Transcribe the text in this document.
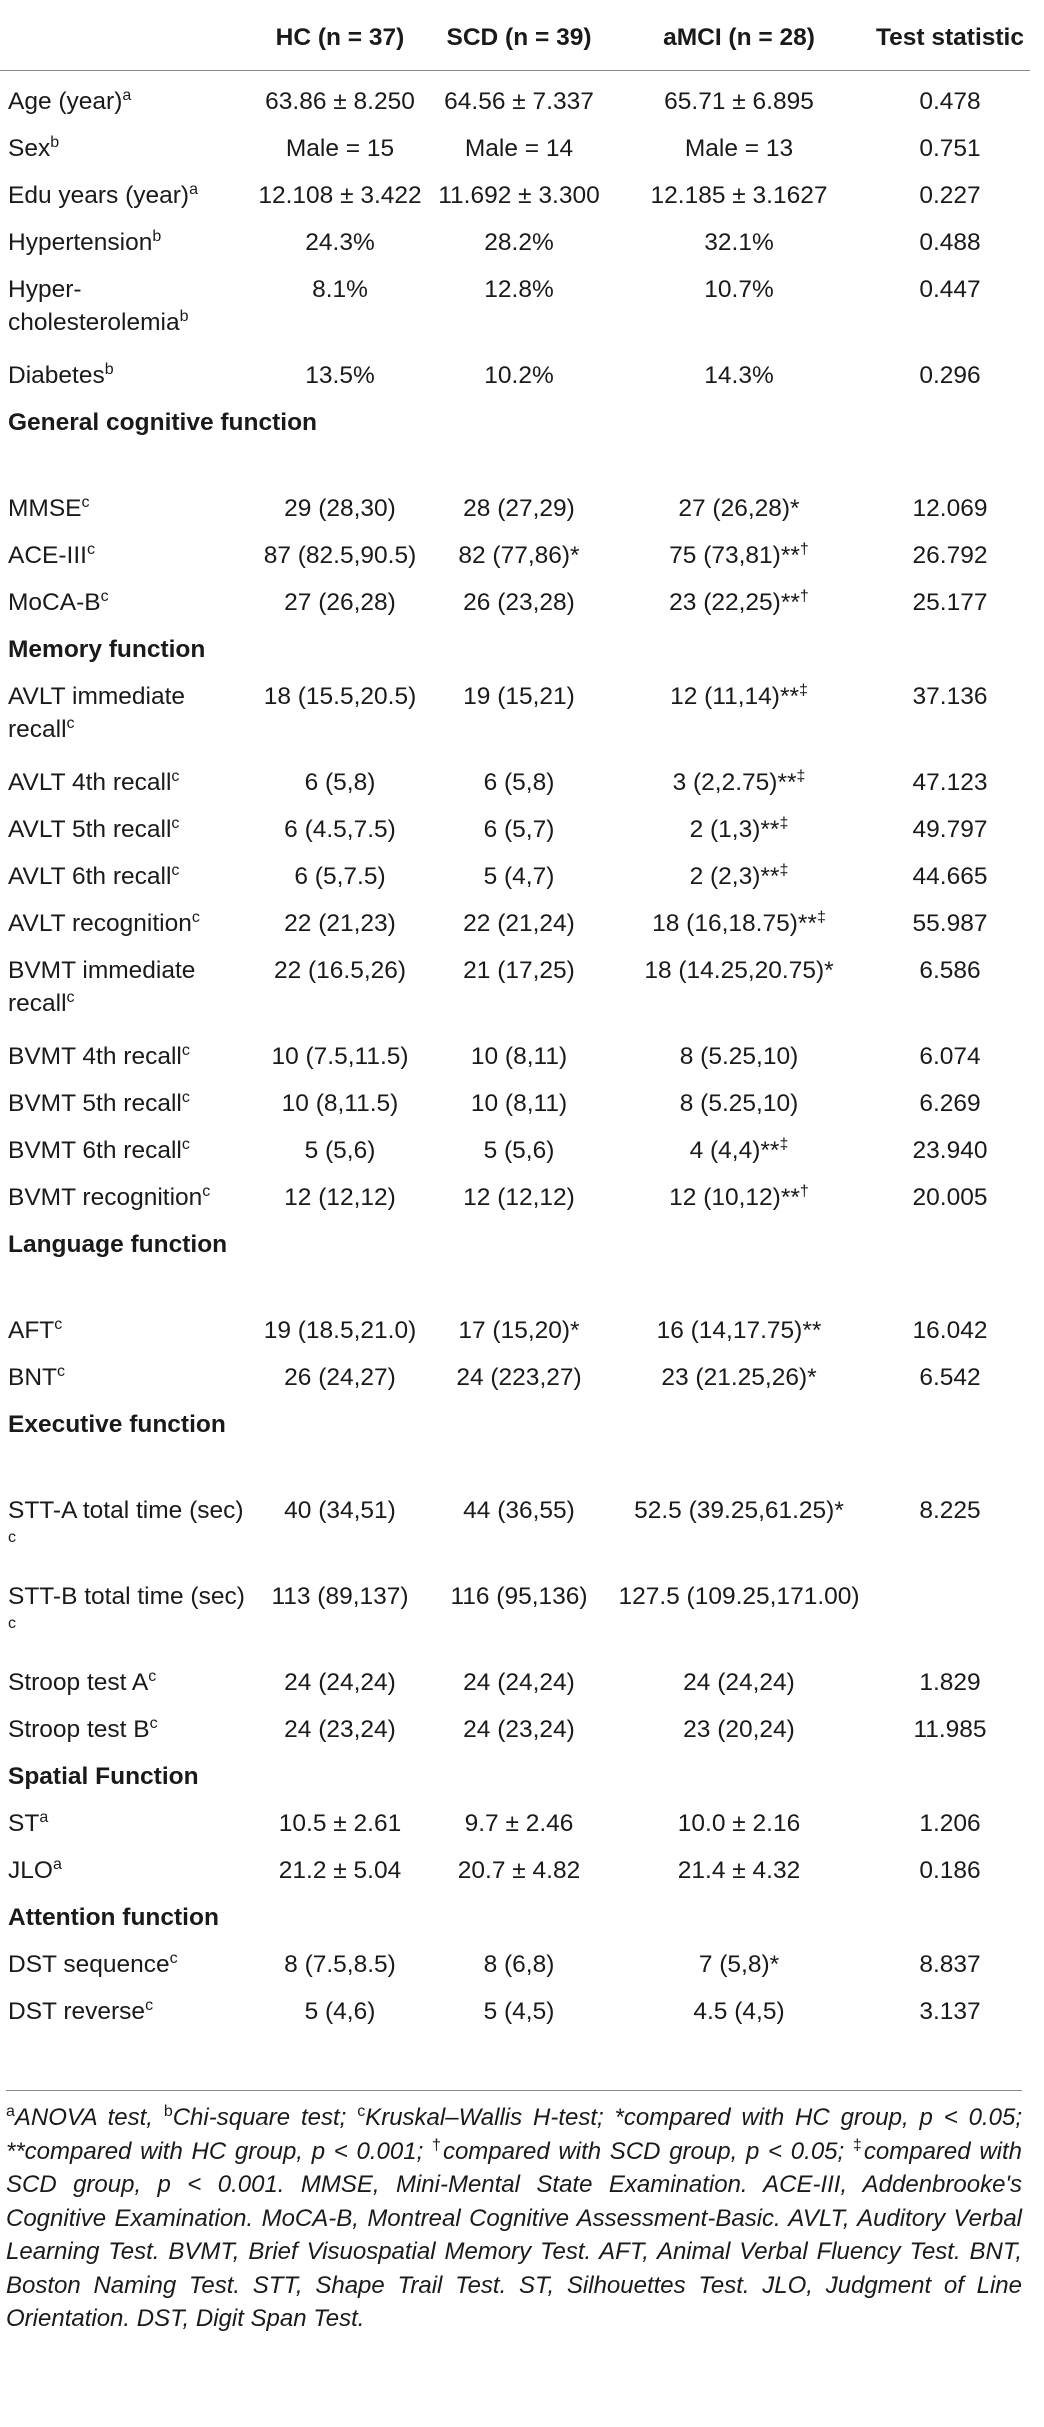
	HC (n = 37)	SCD (n = 39)	aMCI (n = 28)	Test statistic
Age (year)$^a$	63.86 ± 8.250	64.56 ± 7.337	65.71 ± 6.895	0.478
Sex$^b$	Male = 15	Male = 14	Male = 13	0.751
Edu years (year)$^a$	12.108 ± 3.422	11.692 ± 3.300	12.185 ± 3.1627	0.227
Hypertension$^b$	24.3%	28.2%	32.1%	0.488
Hyper-cholesterolemia$^b$	8.1%	12.8%	10.7%	0.447
Diabetes$^b$	13.5%	10.2%	14.3%	0.296
General cognitive function				
MMSE$^c$	29 (28,30)	28 (27,29)	27 (26,28)*	12.069
ACE-III$^c$	87 (82.5,90.5)	82 (77,86)*	75 (73,81)**†	26.792
MoCA-$B^c$	27 (26,28)	26 (23,28)	23 (22,25)**†	25.177
Memory function				
AVLT immediate recall$^c$	18 (15.5,20.5)	19 (15,21)	12 (11,14)**‡	37.136
AVLT 4th recall$^c$	6 (5,8)	6 (5,8)	3 (2,2.75)**‡	47.123
AVLT 5th recall$^c$	6 (4.5,7.5)	6 (5,7)	2 (1,3)**‡	49.797
AVLT 6th recall$^c$	6 (5,7.5)	5 (4,7)	2 (2,3)**‡	44.665
AVLT recognition$^c$	22 (21,23)	22 (21,24)	18 (16,18.75)**‡	55.987
BVMT immediate recall$^c$	22 (16.5,26)	21 (17,25)	18 (14.25,20.75)*	6.586
BVMT 4th recall$^c$	10 (7.5,11.5)	10 (8,11)	8 (5.25,10)	6.074
BVMT 5th recall$^c$	10 (8,11.5)	10 (8,11)	8 (5.25,10)	6.269
BVMT 6th recall$^c$	5 (5,6)	5 (5,6)	4 (4,4)**‡	23.940
BVMT recognition$^c$	12 (12,12)	12 (12,12)	12 (10,12)**†	20.005
Language function				
AFT$^c$	19 (18.5,21.0)	17 (15,20)*	16 (14,17.75)**	16.042
BNT$^c$	26 (24,27)	24 (223,27)	23 (21.25,26)*	6.542
Executive function				
STT-A total time (sec) $^c$	40 (34,51)	44 (36,55)	52.5 (39.25,61.25)*	8.225
STT-B total time (sec) $^c$	113 (89,137)	116 (95,136)	127.5 (109.25,171.00)	
Stroop test $A^c$	24 (24,24)	24 (24,24)	24 (24,24)	1.829
Stroop test $B^c$	24 (23,24)	24 (23,24)	23 (20,24)	11.985
Spatial Function				
$ST^a$	10.5 ± 2.61	9.7 ± 2.46	10.0 ± 2.16	1.206
JLO$^a$	21.2 ± 5.04	20.7 ± 4.82	21.4 ± 4.32	0.186
Attention function				
DST sequence$^c$	8 (7.5,8.5)	8 (6,8)	7 (5,8)*	8.837
DST reverse$^c$	5 (4,6)	5 (4,5)	4.5 (4,5)	3.137
$^a$ANOVA test, $^b$Chi-square test; $^c$Kruskal–Wallis H-test; *compared with HC group, p < 0.05; **compared with HC group, p < 0.001; †compared with SCD group, p < 0.05; ‡compared with SCD group, p < 0.001. MMSE, Mini-Mental State Examination. ACE-III, Addenbrooke's Cognitive Examination. MoCA-B, Montreal Cognitive Assessment-Basic. AVLT, Auditory Verbal Learning Test. BVMT, Brief Visuospatial Memory Test. AFT, Animal Verbal Fluency Test. BNT, Boston Naming Test. STT, Shape Trail Test. ST, Silhouettes Test. JLO, Judgment of Line Orientation. DST, Digit Span Test.
